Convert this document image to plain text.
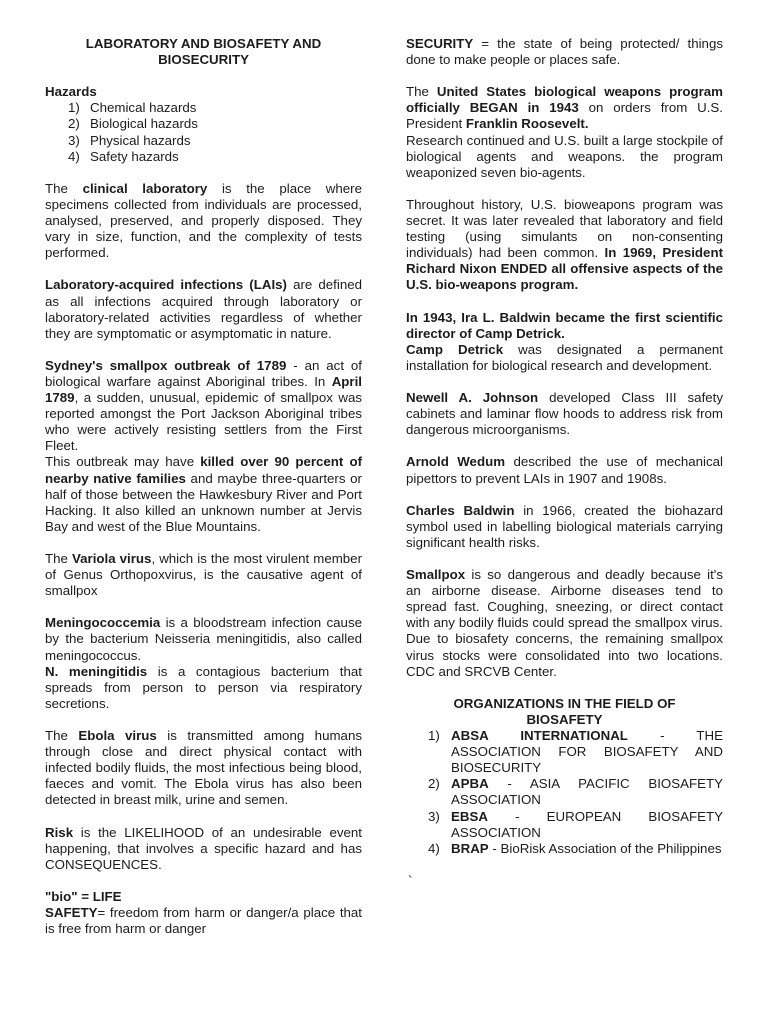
LABORATORY AND BIOSAFETY AND BIOSECURITY

Hazards

1) Chemical hazards
2) Biological hazards
3) Physical hazards
4) Safety hazards

The clinical laboratory is the place where specimens collected from individuals are processed, analysed, preserved, and properly disposed. They vary in size, function, and the complexity of tests performed.

Laboratory-acquired infections (LAIs) are defined as all infections acquired through laboratory or laboratory-related activities regardless of whether they are symptomatic or asymptomatic in nature.

Sydney's smallpox outbreak of 1789 - an act of biological warfare against Aboriginal tribes. In April 1789, a sudden, unusual, epidemic of smallpox was reported amongst the Port Jackson Aboriginal tribes who were actively resisting settlers from the First Fleet.

This outbreak may have killed over 90 percent of nearby native families and maybe three-quarters or half of those between the Hawkesbury River and Port Hacking. It also killed an unknown number at Jervis Bay and west of the Blue Mountains.

The Variola virus, which is the most virulent member of Genus Orthopoxvirus, is the causative agent of smallpox

Meningococcemia is a bloodstream infection cause by the bacterium Neisseria meningitidis, also called meningococcus.

N. meningitidis is a contagious bacterium that spreads from person to person via respiratory secretions.

The Ebola virus is transmitted among humans through close and direct physical contact with infected bodily fluids, the most infectious being blood, faeces and vomit. The Ebola virus has also been detected in breast milk, urine and semen.

Risk is the LIKELIHOOD of an undesirable event happening, that involves a specific hazard and has CONSEQUENCES.

"bio" = LIFE

SAFETY= freedom from harm or danger/a place that is free from harm or danger

SECURITY = the state of being protected/ things done to make people or places safe.

The United States biological weapons program officially BEGAN in 1943 on orders from U.S. President Franklin Roosevelt.

Research continued and U.S. built a large stockpile of biological agents and weapons. the program weaponized seven bio-agents.

Throughout history, U.S. bioweapons program was secret. It was later revealed that laboratory and field testing (using simulants on non-consenting individuals) had been common. In 1969, President Richard Nixon ENDED all offensive aspects of the U.S. bio-weapons program.

In 1943, Ira L. Baldwin became the first scientific director of Camp Detrick.

Camp Detrick was designated a permanent installation for biological research and development.

Newell A. Johnson developed Class III safety cabinets and laminar flow hoods to address risk from dangerous microorganisms.

Arnold Wedum described the use of mechanical pipettors to prevent LAIs in 1907 and 1908s.

Charles Baldwin in 1966, created the biohazard symbol used in labelling biological materials carrying significant health risks.

Smallpox is so dangerous and deadly because it's an airborne disease. Airborne diseases tend to spread fast. Coughing, sneezing, or direct contact with any bodily fluids could spread the smallpox virus. Due to biosafety concerns, the remaining smallpox virus stocks were consolidated into two locations. CDC and SRCVB Center.

ORGANIZATIONS IN THE FIELD OF BIOSAFETY

1) ABSA INTERNATIONAL - THE ASSOCIATION FOR BIOSAFETY AND BIOSECURITY
2) APBA - ASIA PACIFIC BIOSAFETY ASSOCIATION
3) EBSA - EUROPEAN BIOSAFETY ASSOCIATION
4) BRAP - BioRisk Association of the Philippines

`
